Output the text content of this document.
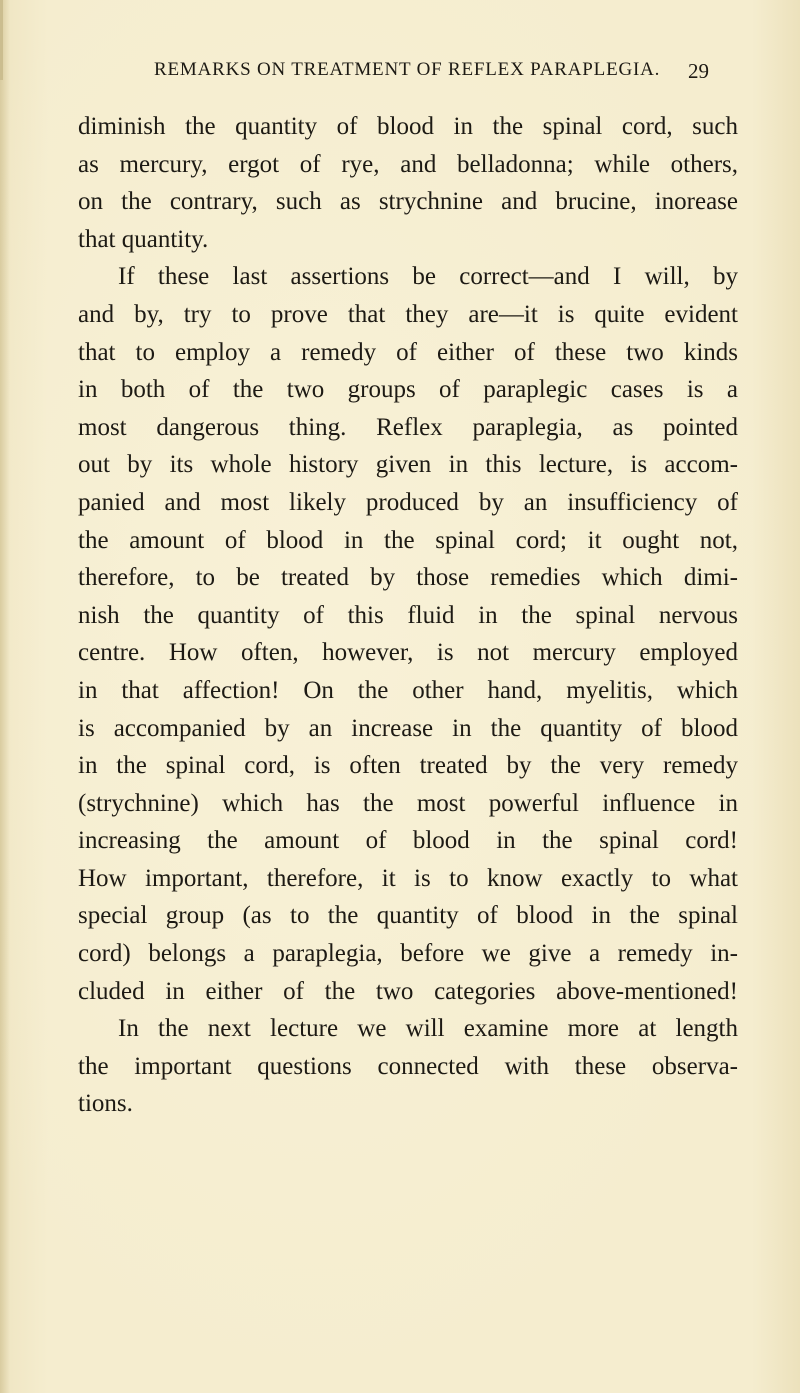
REMARKS ON TREATMENT OF REFLEX PARAPLEGIA. 29
diminish the quantity of blood in the spinal cord, such
as mercury, ergot of rye, and belladonna; while others,
on the contrary, such as strychnine and brucine, inorease
that quantity.
If these last assertions be correct—and I will, by
and by, try to prove that they are—it is quite evident
that to employ a remedy of either of these two kinds
in both of the two groups of paraplegic cases is a
most dangerous thing. Reflex paraplegia, as pointed
out by its whole history given in this lecture, is accom-
panied and most likely produced by an insufficiency of
the amount of blood in the spinal cord; it ought not,
therefore, to be treated by those remedies which dimi-
nish the quantity of this fluid in the spinal nervous
centre. How often, however, is not mercury employed
in that affection! On the other hand, myelitis, which
is accompanied by an increase in the quantity of blood
in the spinal cord, is often treated by the very remedy
(strychnine) which has the most powerful influence in
increasing the amount of blood in the spinal cord!
How important, therefore, it is to know exactly to what
special group (as to the quantity of blood in the spinal
cord) belongs a paraplegia, before we give a remedy in-
cluded in either of the two categories above-mentioned!
In the next lecture we will examine more at length
the important questions connected with these observa-
tions.
